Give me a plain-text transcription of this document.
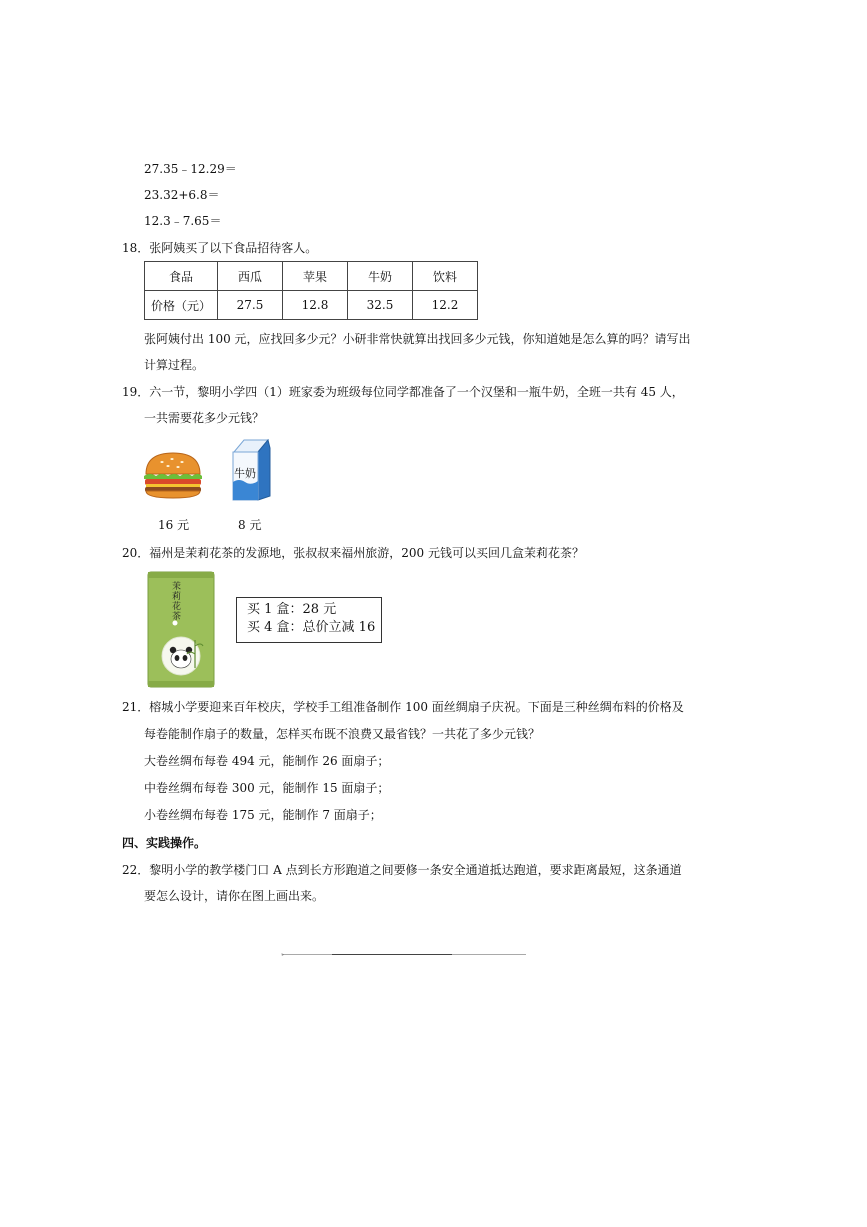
27.35﹣12.29＝
23.32+6.8＝
12.3﹣7.65＝
18．张阿姨买了以下食品招待客人。
食品	西瓜	苹果	牛奶	饮料
价格（元）	27.5	12.8	32.5	12.2
张阿姨付出 100 元，应找回多少元？小研非常快就算出找回多少元钱，你知道她是怎么算的吗？请写出
计算过程。
19．六一节，黎明小学四（1）班家委为班级每位同学都准备了一个汉堡和一瓶牛奶，全班一共有 45 人，
一共需要花多少元钱？
牛奶
16 元	8 元
20．福州是茉莉花茶的发源地，张叔叔来福州旅游，200 元钱可以买回几盒茉莉花茶？
茉莉花茶	买 1 盒：28 元
买 4 盒：总价立减 16
21．榕城小学要迎来百年校庆，学校手工组准备制作 100 面丝绸扇子庆祝。下面是三种丝绸布料的价格及
每卷能制作扇子的数量，怎样买布既不浪费又最省钱？一共花了多少元钱？
大卷丝绸布每卷 494 元，能制作 26 面扇子；
中卷丝绸布每卷 300 元，能制作 15 面扇子；
小卷丝绸布每卷 175 元，能制作 7 面扇子；
四、实践操作。
22．黎明小学的教学楼门口 A 点到长方形跑道之间要修一条安全通道抵达跑道，要求距离最短，这条通道
要怎么设计，请你在图上画出来。
